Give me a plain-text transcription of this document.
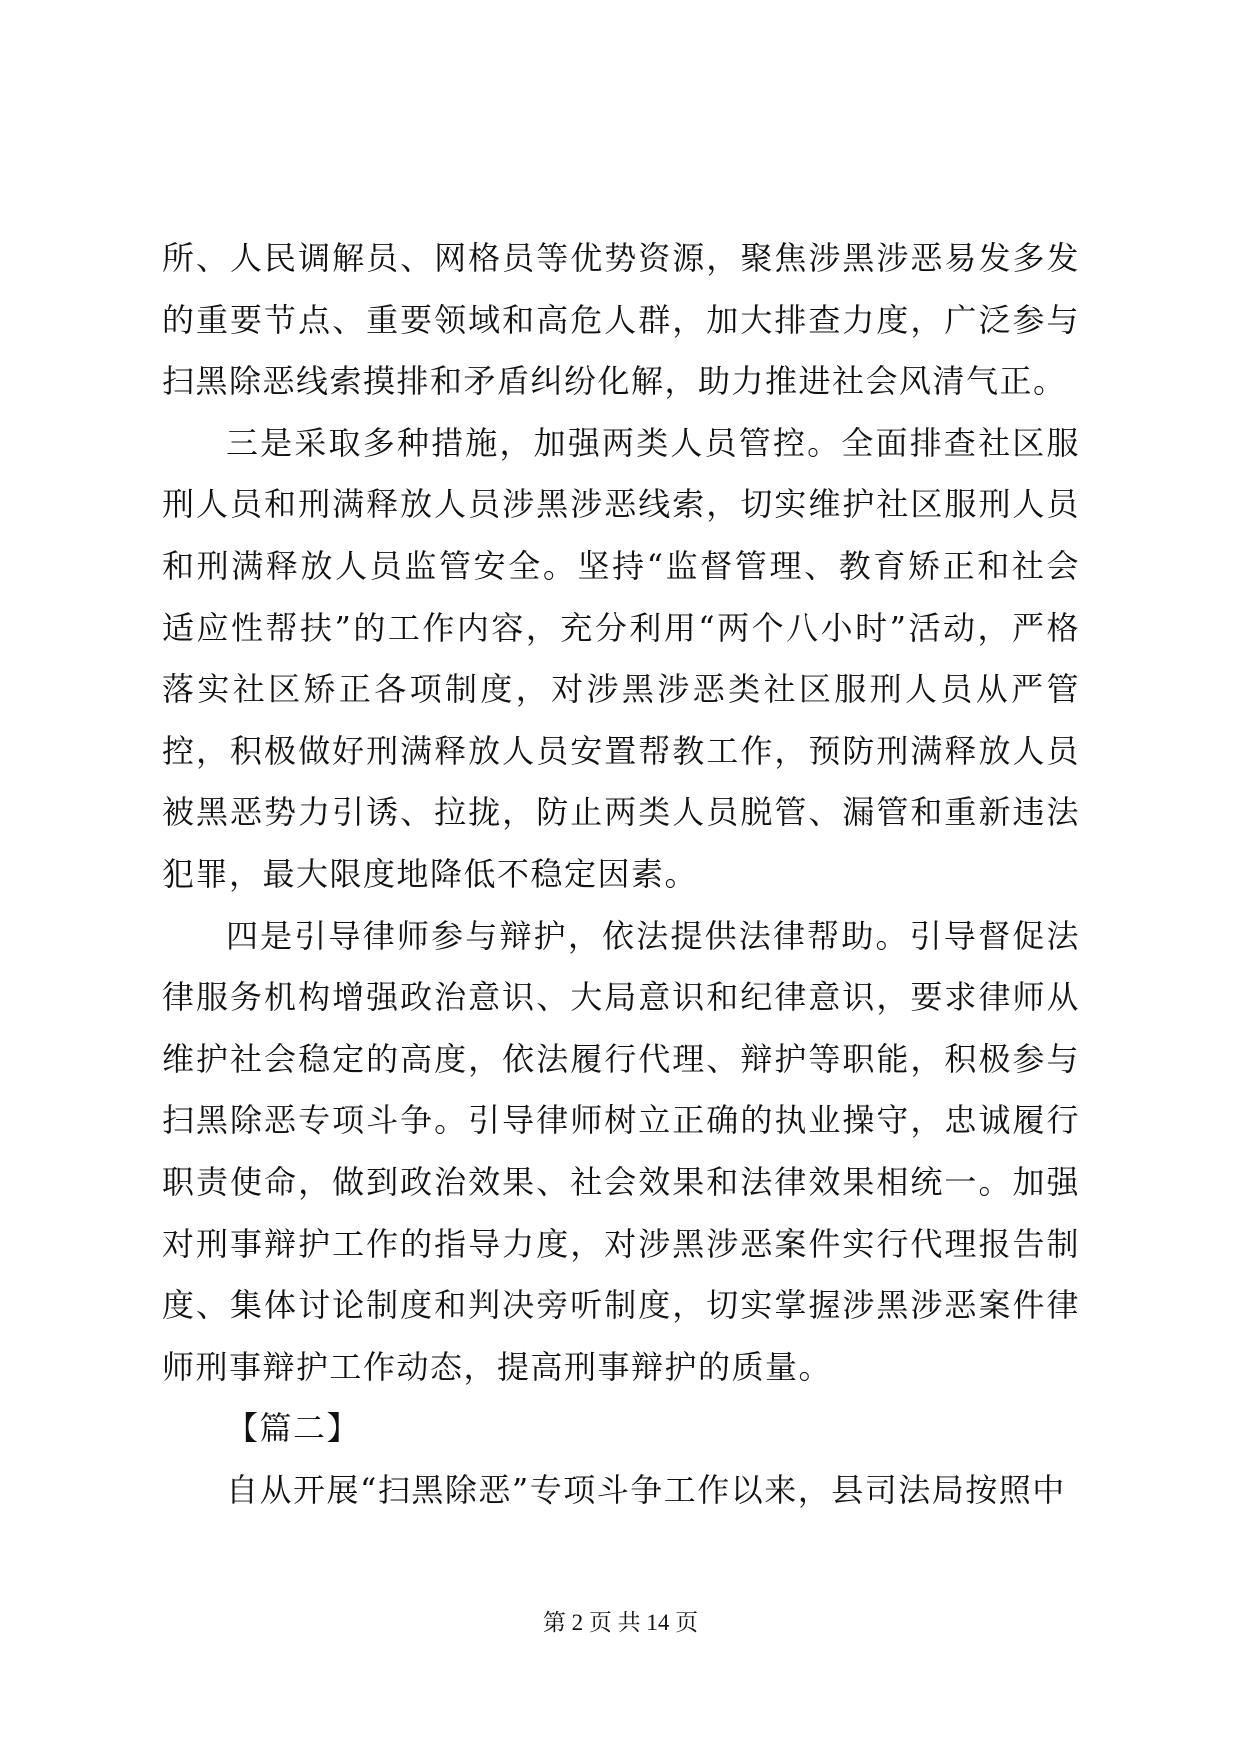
所、人民调解员、网格员等优势资源，聚焦涉黑涉恶易发多发的重要节点、重要领域和高危人群，加大排查力度，广泛参与扫黑除恶线索摸排和矛盾纠纷化解，助力推进社会风清气正。

三是采取多种措施，加强两类人员管控。全面排查社区服刑人员和刑满释放人员涉黑涉恶线索，切实维护社区服刑人员和刑满释放人员监管安全。坚持“监督管理、教育矫正和社会适应性帮扶”的工作内容，充分利用“两个八小时”活动，严格落实社区矫正各项制度，对涉黑涉恶类社区服刑人员从严管控，积极做好刑满释放人员安置帮教工作，预防刑满释放人员被黑恶势力引诱、拉拢，防止两类人员脱管、漏管和重新违法犯罪，最大限度地降低不稳定因素。

四是引导律师参与辩护，依法提供法律帮助。引导督促法律服务机构增强政治意识、大局意识和纪律意识，要求律师从维护社会稳定的高度，依法履行代理、辩护等职能，积极参与扫黑除恶专项斗争。引导律师树立正确的执业操守，忠诚履行职责使命，做到政治效果、社会效果和法律效果相统一。加强对刑事辩护工作的指导力度，对涉黑涉恶案件实行代理报告制度、集体讨论制度和判决旁听制度，切实掌握涉黑涉恶案件律师刑事辩护工作动态，提高刑事辩护的质量。

【篇二】

自从开展“扫黑除恶”专项斗争工作以来，县司法局按照中

第 2 页 共 14 页
